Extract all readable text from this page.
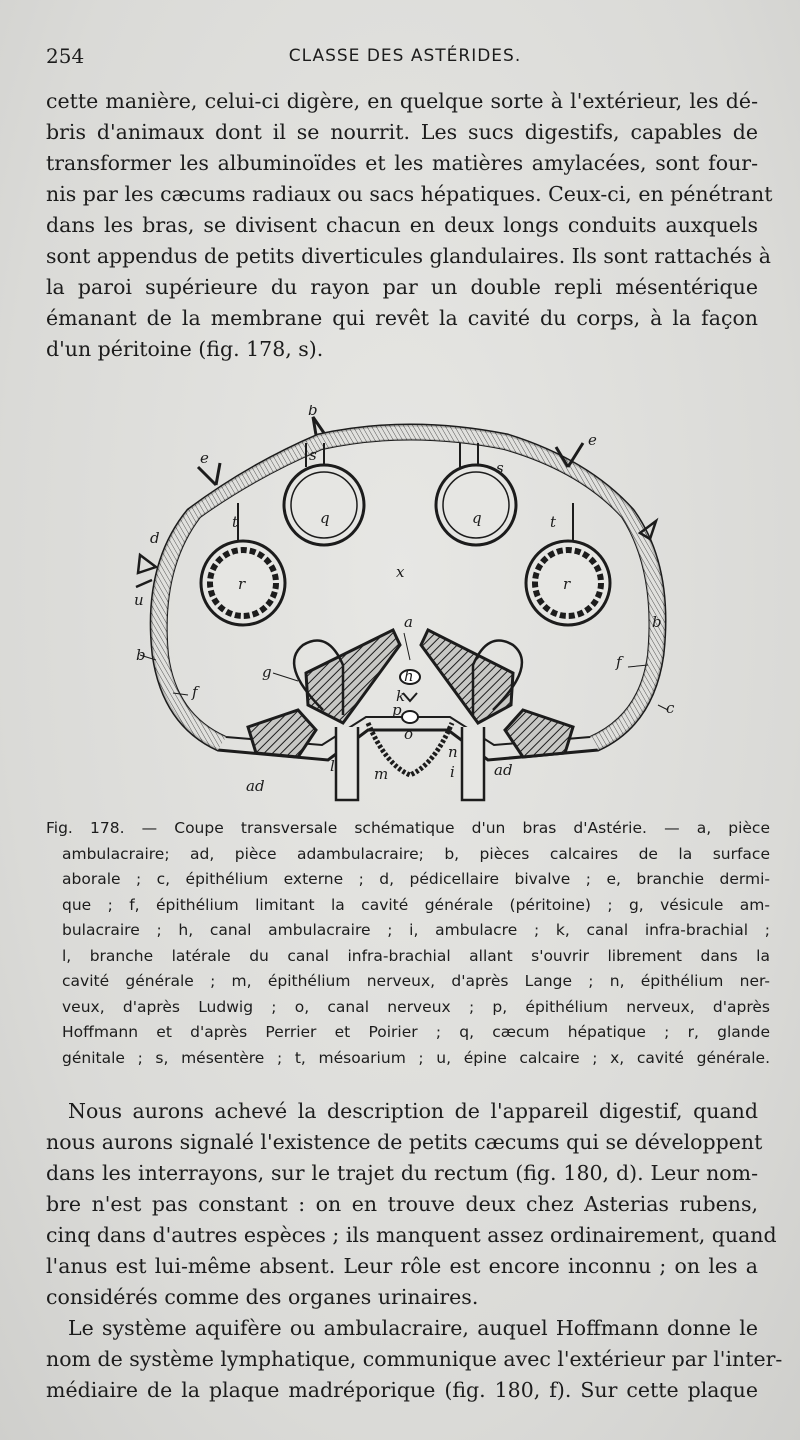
254	CLASSE DES ASTÉRIDES.
cette manière, celui-ci digère, en quelque sorte à l'extérieur, les dé-
bris d'animaux dont il se nourrit. Les sucs digestifs, capables de
transformer les albuminoïdes et les matières amylacées, sont four-
nis par les cæcums radiaux ou sacs hépatiques. Ceux-ci, en pénétrant
dans les bras, se divisent chacun en deux longs conduits auxquels
sont appendus de petits diverticules glandulaires. Ils sont rattachés à
la paroi supérieure du rayon par un double repli mésentérique
émanant de la membrane qui revêt la cavité du corps, à la façon
d'un péritoine (fig. 178, s).
b
e
e
s
s
t	t
q	q
d
u
r	r
x
b
b
a
g
f
f
c
h
k
p
o
l
n
m	i
ad
ad
Fig. 178. — Coupe transversale schématique d'un bras d'Astérie. — a, pièce
ambulacraire; ad, pièce adambulacraire; b, pièces calcaires de la surface
aborale ; c, épithélium externe ; d, pédicellaire bivalve ; e, branchie dermi-
que ; f, épithélium limitant la cavité générale (péritoine) ; g, vésicule am-
bulacraire ; h, canal ambulacraire ; i, ambulacre ; k, canal infra-brachial ;
l, branche latérale du canal infra-brachial allant s'ouvrir librement dans la
cavité générale ; m, épithélium nerveux, d'après Lange ; n, épithélium ner-
veux, d'après Ludwig ; o, canal nerveux ; p, épithélium nerveux, d'après
Hoffmann et d'après Perrier et Poirier ; q, cæcum hépatique ; r, glande
génitale ; s, mésentère ; t, mésoarium ; u, épine calcaire ; x, cavité générale.
Nous aurons achevé la description de l'appareil digestif, quand
nous aurons signalé l'existence de petits cæcums qui se développent
dans les interrayons, sur le trajet du rectum (fig. 180, d). Leur nom-
bre n'est pas constant : on en trouve deux chez Asterias rubens,
cinq dans d'autres espèces ; ils manquent assez ordinairement, quand
l'anus est lui-même absent. Leur rôle est encore inconnu ; on les a
considérés comme des organes urinaires.
Le système aquifère ou ambulacraire, auquel Hoffmann donne le
nom de système lymphatique, communique avec l'extérieur par l'inter-
médiaire de la plaque madréporique (fig. 180, f). Sur cette plaque
